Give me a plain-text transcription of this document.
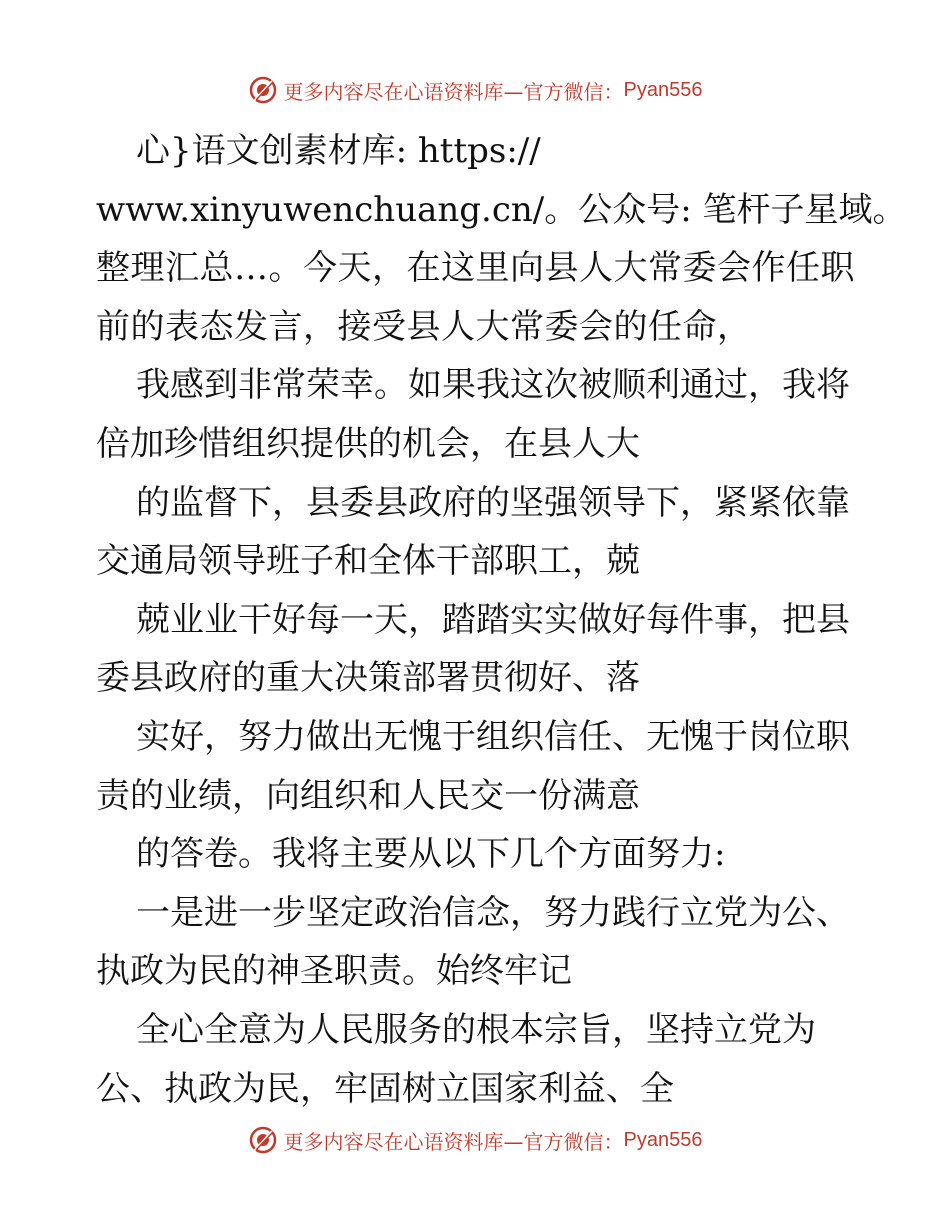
更多内容尽在心语资料库—官方微信： Pyan556
心}语文创素材库: https://
www.xinyuwenchuang.cn/。公众号: 笔杆子星域。
整理汇总…。今天，在这里向县人大常委会作任职
前的表态发言，接受县人大常委会的任命，
我感到非常荣幸。如果我这次被顺利通过，我将
倍加珍惜组织提供的机会，在县人大
的监督下，县委县政府的坚强领导下，紧紧依靠
交通局领导班子和全体干部职工，兢
兢业业干好每一天，踏踏实实做好每件事，把县
委县政府的重大决策部署贯彻好、落
实好，努力做出无愧于组织信任、无愧于岗位职
责的业绩，向组织和人民交一份满意
的答卷。我将主要从以下几个方面努力:
一是进一步坚定政治信念，努力践行立党为公、
执政为民的神圣职责。始终牢记
全心全意为人民服务的根本宗旨，坚持立党为
公、执政为民，牢固树立国家利益、全
更多内容尽在心语资料库—官方微信： Pyan556
